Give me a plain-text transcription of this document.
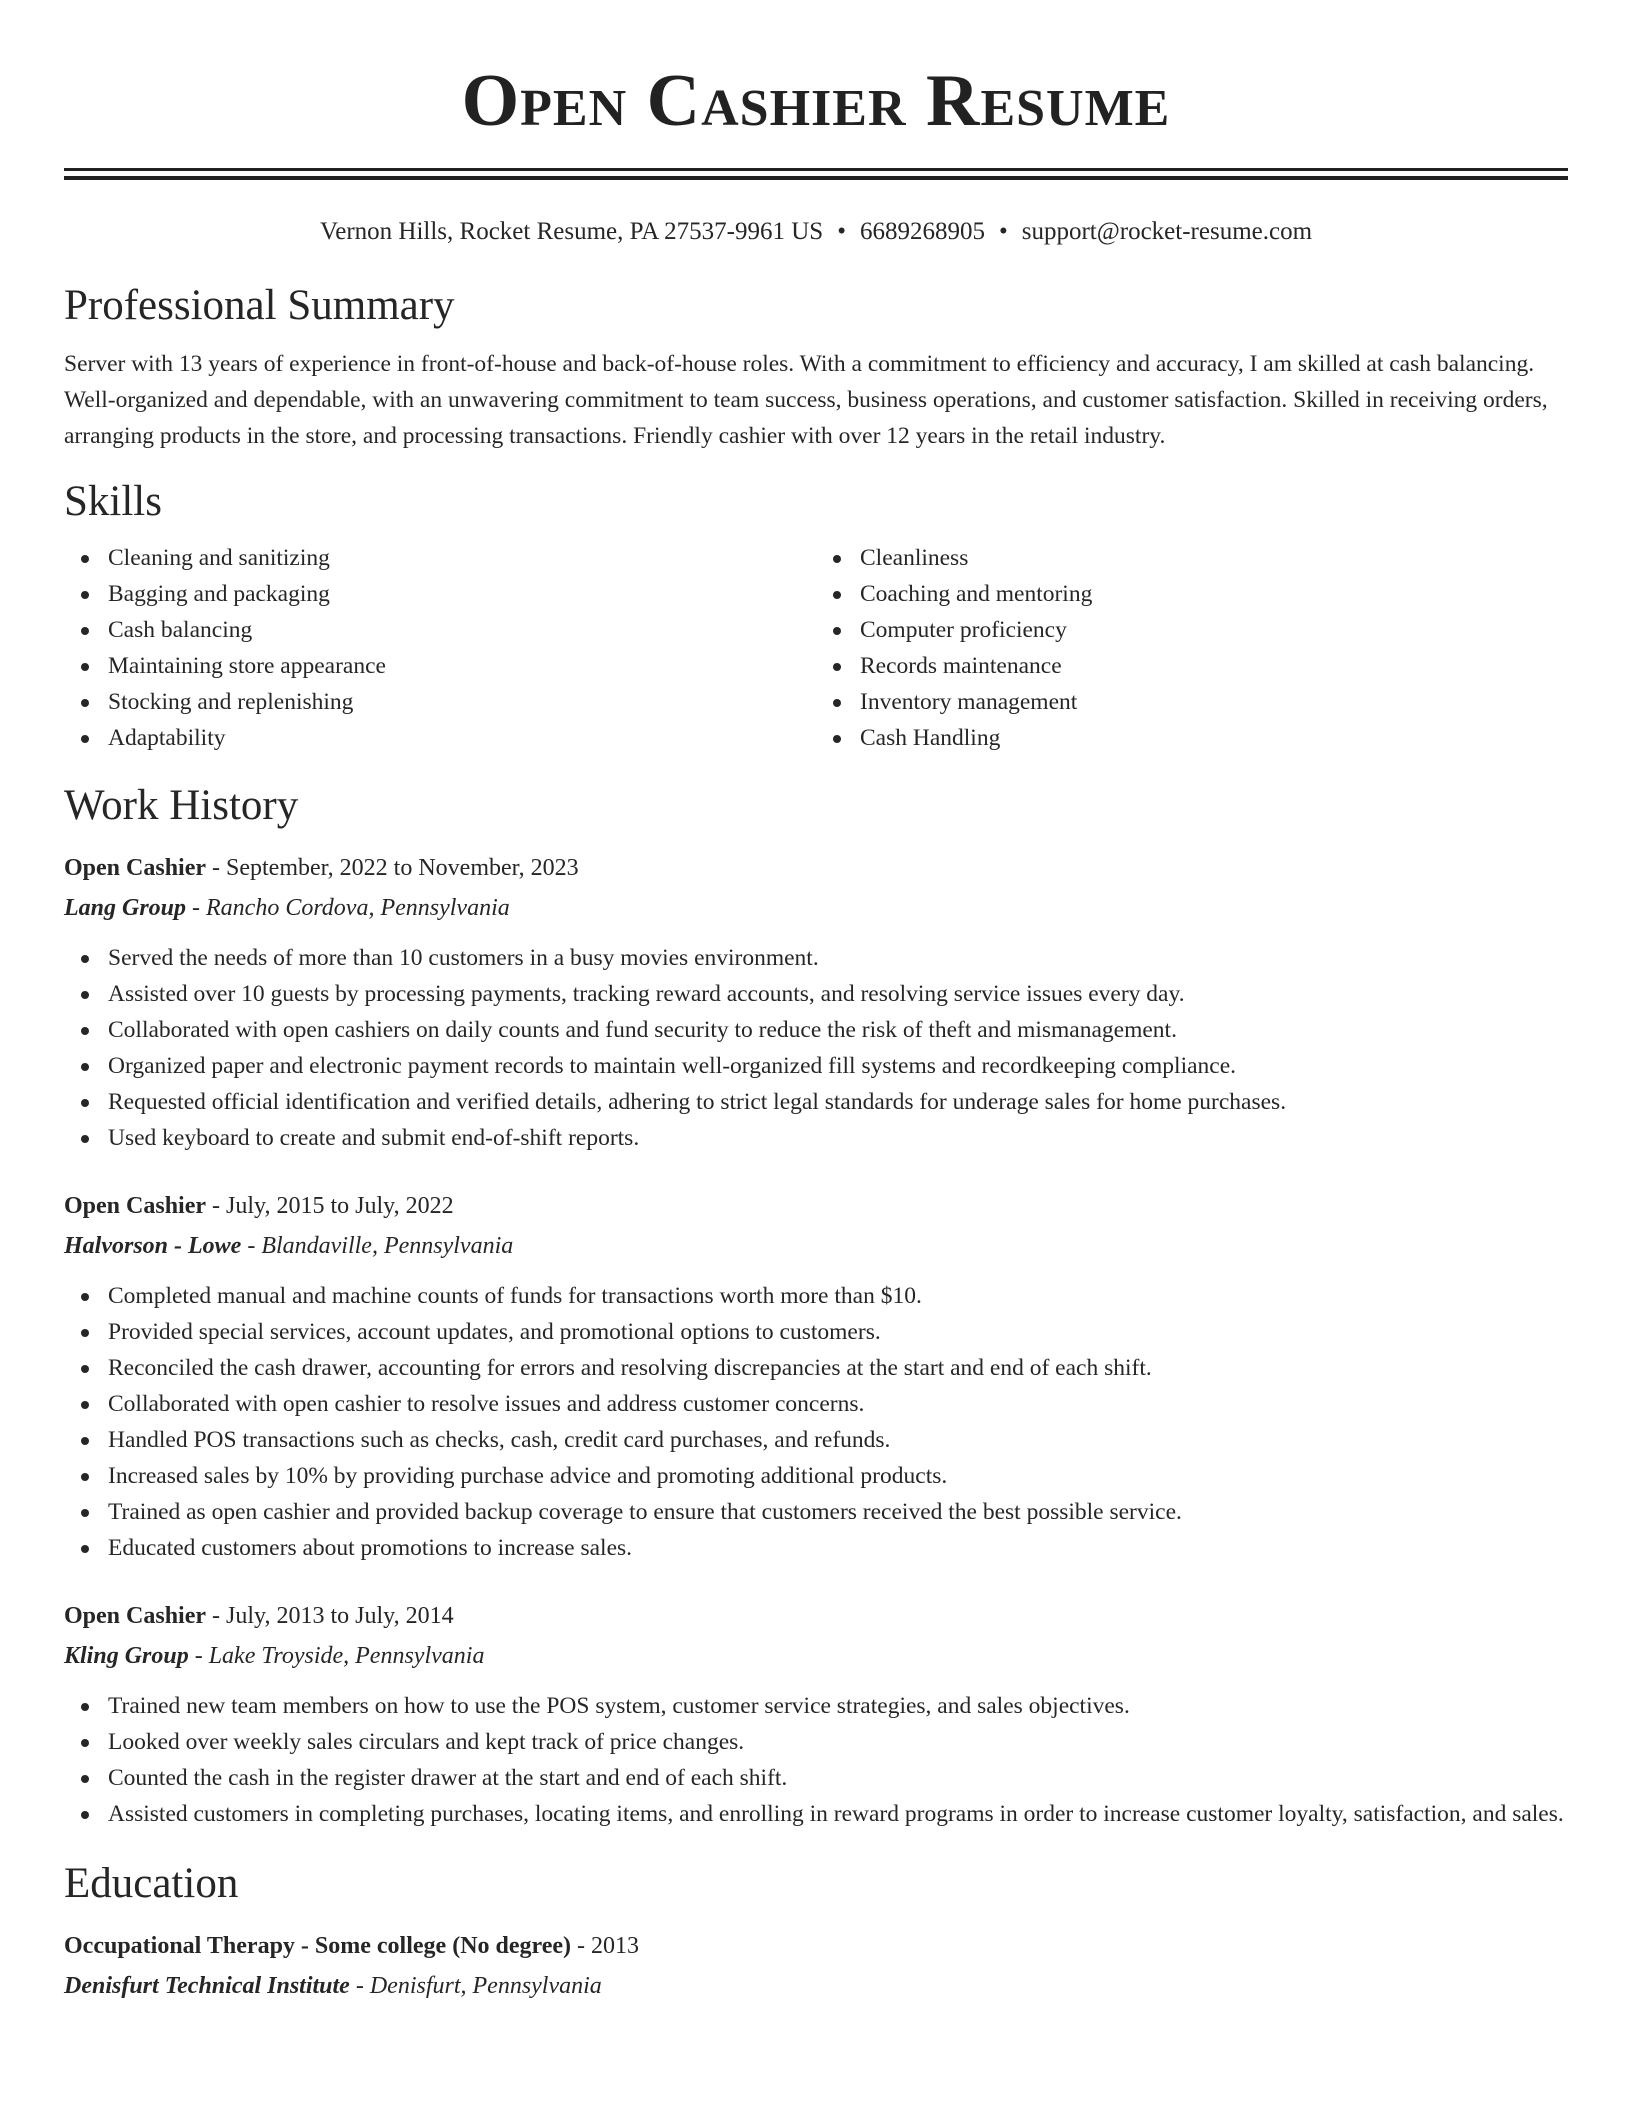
Open Cashier Resume
Vernon Hills, Rocket Resume, PA 27537-9961 US • 6689268905 • support@rocket-resume.com
Professional Summary

Server with 13 years of experience in front-of-house and back-of-house roles. With a commitment to efficiency and accuracy, I am skilled at cash balancing. Well-organized and dependable, with an unwavering commitment to team success, business operations, and customer satisfaction. Skilled in receiving orders, arranging products in the store, and processing transactions. Friendly cashier with over 12 years in the retail industry.

Skills
Cleaning and sanitizing
Bagging and packaging
Cash balancing
Maintaining store appearance
Stocking and replenishing
Adaptability
Cleanliness
Coaching and mentoring
Computer proficiency
Records maintenance
Inventory management
Cash Handling
Work History
Open Cashier - September, 2022 to November, 2023
Lang Group - Rancho Cordova, Pennsylvania
Served the needs of more than 10 customers in a busy movies environment.
Assisted over 10 guests by processing payments, tracking reward accounts, and resolving service issues every day.
Collaborated with open cashiers on daily counts and fund security to reduce the risk of theft and mismanagement.
Organized paper and electronic payment records to maintain well-organized fill systems and recordkeeping compliance.
Requested official identification and verified details, adhering to strict legal standards for underage sales for home purchases.
Used keyboard to create and submit end-of-shift reports.
Open Cashier - July, 2015 to July, 2022
Halvorson - Lowe - Blandaville, Pennsylvania
Completed manual and machine counts of funds for transactions worth more than $10.
Provided special services, account updates, and promotional options to customers.
Reconciled the cash drawer, accounting for errors and resolving discrepancies at the start and end of each shift.
Collaborated with open cashier to resolve issues and address customer concerns.
Handled POS transactions such as checks, cash, credit card purchases, and refunds.
Increased sales by 10% by providing purchase advice and promoting additional products.
Trained as open cashier and provided backup coverage to ensure that customers received the best possible service.
Educated customers about promotions to increase sales.
Open Cashier - July, 2013 to July, 2014
Kling Group - Lake Troyside, Pennsylvania
Trained new team members on how to use the POS system, customer service strategies, and sales objectives.
Looked over weekly sales circulars and kept track of price changes.
Counted the cash in the register drawer at the start and end of each shift.
Assisted customers in completing purchases, locating items, and enrolling in reward programs in order to increase customer loyalty, satisfaction, and sales.
Education
Occupational Therapy - Some college (No degree) - 2013
Denisfurt Technical Institute - Denisfurt, Pennsylvania
